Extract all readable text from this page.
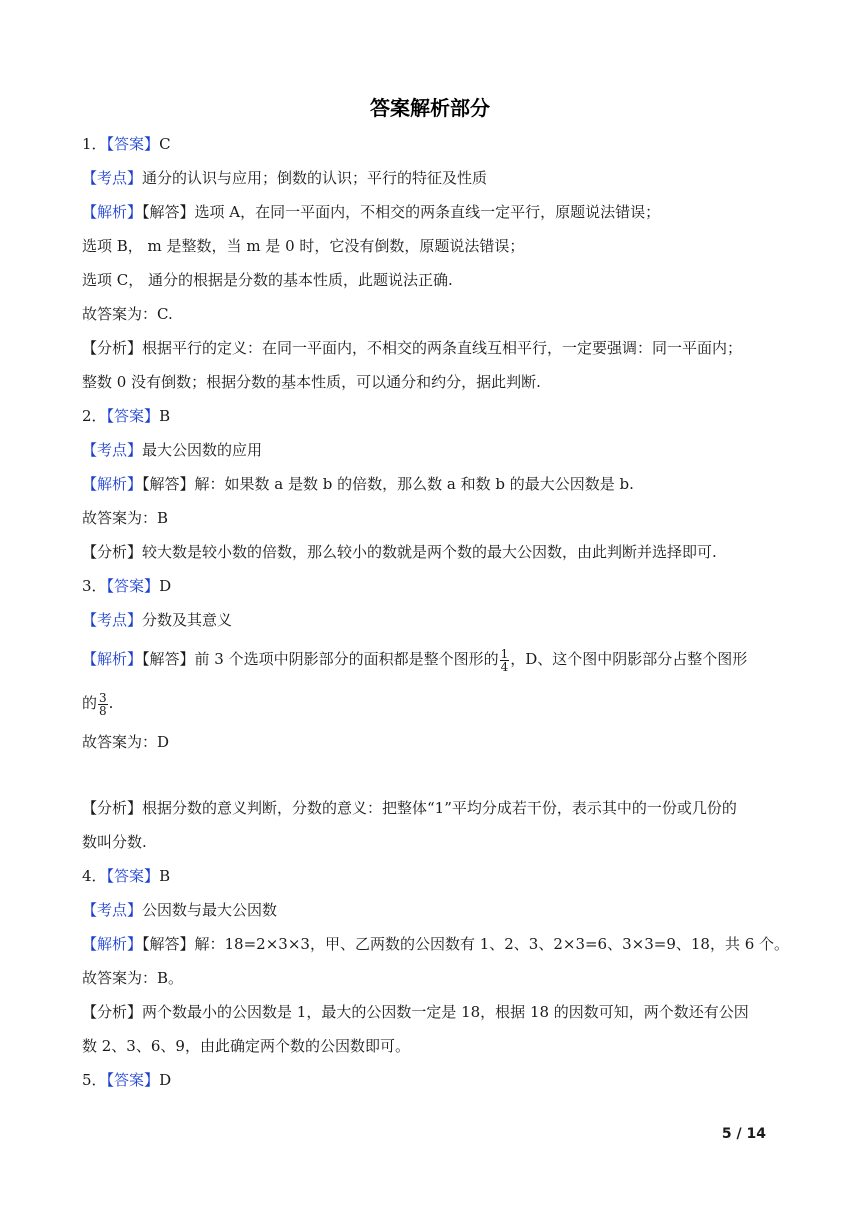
答案解析部分
1．【答案】C
【考点】通分的认识与应用；倒数的认识；平行的特征及性质
【解析】【解答】选项 A，在同一平面内，不相交的两条直线一定平行，原题说法错误；
选项 B， m 是整数，当 m 是 0 时，它没有倒数，原题说法错误；
选项 C， 通分的根据是分数的基本性质，此题说法正确.
故答案为：C.
【分析】根据平行的定义：在同一平面内，不相交的两条直线互相平行，一定要强调：同一平面内；
整数 0 没有倒数；根据分数的基本性质，可以通分和约分，据此判断.
2．【答案】B
【考点】最大公因数的应用
【解析】【解答】解：如果数 a 是数 b 的倍数，那么数 a 和数 b 的最大公因数是 b.
故答案为：B
【分析】较大数是较小数的倍数，那么较小的数就是两个数的最大公因数，由此判断并选择即可.
3．【答案】D
【考点】分数及其意义
【解析】【解答】前 3 个选项中阴影部分的面积都是整个图形的 $\frac{1}{4}$ ，D、这个图中阴影部分占整个图形
的 $\frac{3}{8}$ .
故答案为：D
【分析】根据分数的意义判断，分数的意义：把整体“1”平均分成若干份，表示其中的一份或几份的
数叫分数.
4．【答案】B
【考点】公因数与最大公因数
【解析】【解答】解：18=2×3×3，甲、乙两数的公因数有 1、2、3、2×3=6、3×3=9、18，共 6 个。
故答案为：B。
【分析】两个数最小的公因数是 1，最大的公因数一定是 18，根据 18 的因数可知，两个数还有公因
数 2、3、6、9，由此确定两个数的公因数即可。
5．【答案】D
5 / 14
